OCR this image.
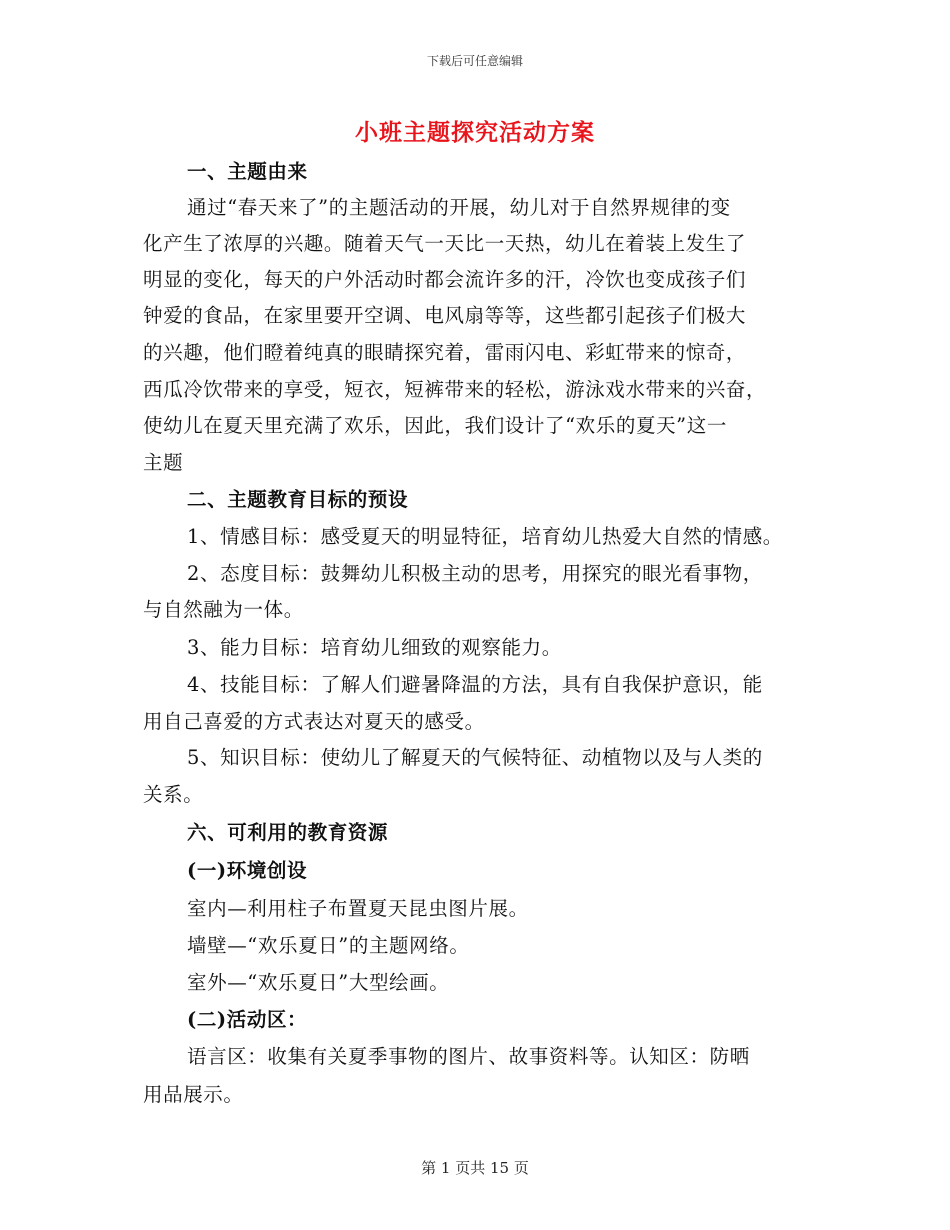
下载后可任意编辑
小班主题探究活动方案
一、主题由来
通过“春天来了”的主题活动的开展，幼儿对于自然界规律的变
化产生了浓厚的兴趣。随着天气一天比一天热，幼儿在着装上发生了
明显的变化，每天的户外活动时都会流许多的汗，冷饮也变成孩子们
钟爱的食品，在家里要开空调、电风扇等等，这些都引起孩子们极大
的兴趣，他们瞪着纯真的眼睛探究着，雷雨闪电、彩虹带来的惊奇，
西瓜冷饮带来的享受，短衣，短裤带来的轻松，游泳戏水带来的兴奋，
使幼儿在夏天里充满了欢乐，因此，我们设计了“欢乐的夏天”这一
主题
二、主题教育目标的预设
1、情感目标：感受夏天的明显特征，培育幼儿热爱大自然的情感。
2、态度目标：鼓舞幼儿积极主动的思考，用探究的眼光看事物，
与自然融为一体。
3、能力目标：培育幼儿细致的观察能力。
4、技能目标：了解人们避暑降温的方法，具有自我保护意识，能
用自己喜爱的方式表达对夏天的感受。
5、知识目标：使幼儿了解夏天的气候特征、动植物以及与人类的
关系。
六、可利用的教育资源
(一)环境创设
室内—利用柱子布置夏天昆虫图片展。
墙壁—“欢乐夏日”的主题网络。
室外—“欢乐夏日”大型绘画。
(二)活动区：
语言区：收集有关夏季事物的图片、故事资料等。认知区：防晒
用品展示。
第 1 页共 15 页
